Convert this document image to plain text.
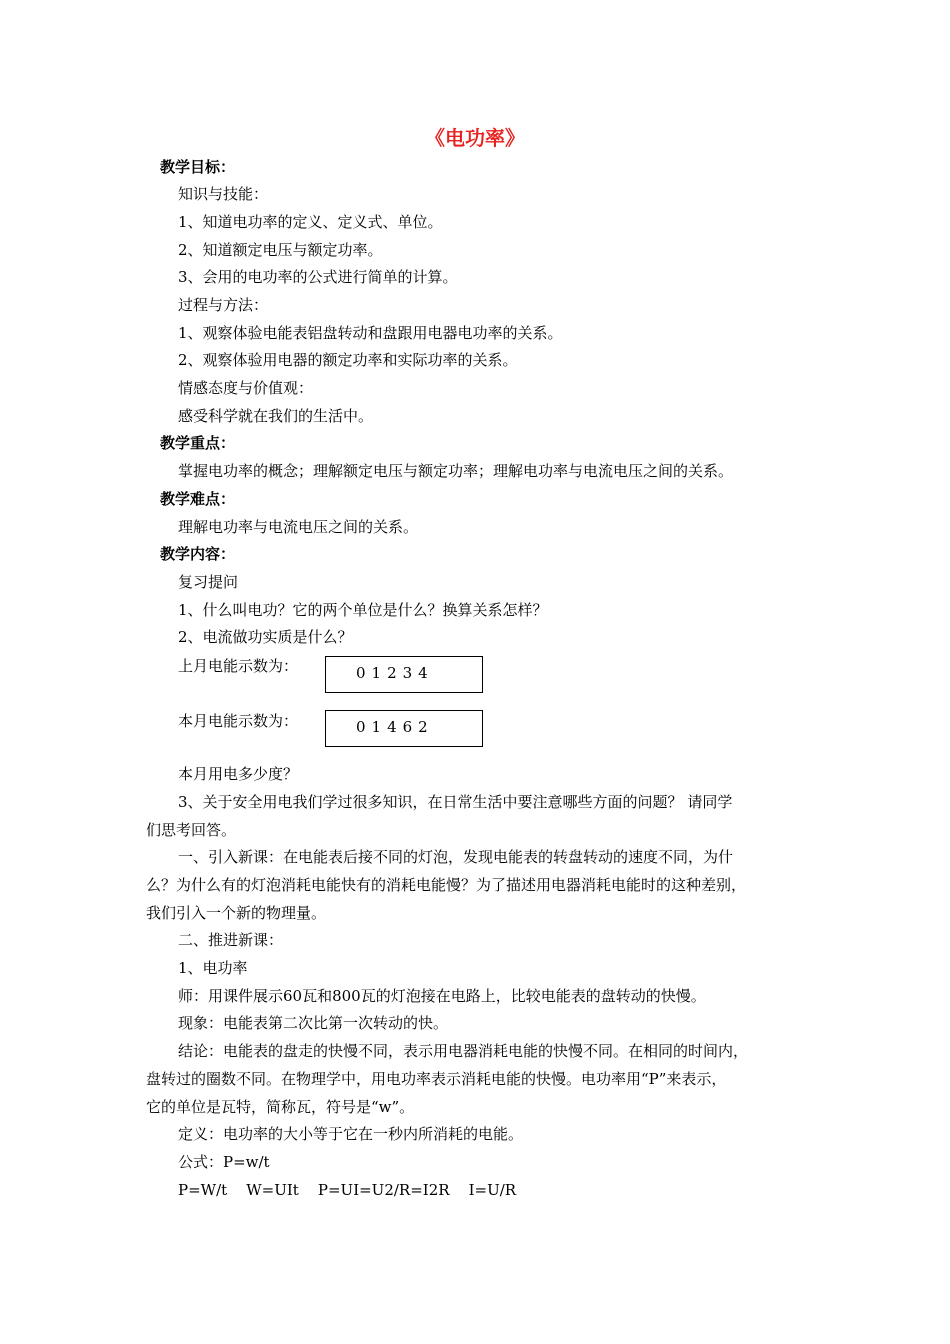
《电功率》
教学目标：
知识与技能：
1、知道电功率的定义、定义式、单位。
2、知道额定电压与额定功率。
3、会用的电功率的公式进行简单的计算。
过程与方法：
1、观察体验电能表铝盘转动和盘跟用电器电功率的关系。
2、观察体验用电器的额定功率和实际功率的关系。
情感态度与价值观：
感受科学就在我们的生活中。
教学重点：
掌握电功率的概念；理解额定电压与额定功率；理解电功率与电流电压之间的关系。
教学难点：
理解电功率与电流电压之间的关系。
教学内容：
复习提问
1、什么叫电功？它的两个单位是什么？换算关系怎样？
2、电流做功实质是什么？
上月电能示数为：	01234
本月电能示数为：	01462
本月用电多少度？
3、关于安全用电我们学过很多知识，在日常生活中要注意哪些方面的问题？ 请同学
们思考回答。
一、引入新课：在电能表后接不同的灯泡，发现电能表的转盘转动的速度不同，为什
么？为什么有的灯泡消耗电能快有的消耗电能慢？为了描述用电器消耗电能时的这种差别，
我们引入一个新的物理量。
二、推进新课：
1、电功率
师：用课件展示60瓦和800瓦的灯泡接在电路上，比较电能表的盘转动的快慢。
现象：电能表第二次比第一次转动的快。
结论：电能表的盘走的快慢不同，表示用电器消耗电能的快慢不同。在相同的时间内，
盘转过的圈数不同。在物理学中，用电功率表示消耗电能的快慢。电功率用“P”来表示，
它的单位是瓦特，简称瓦，符号是“w”。
定义：电功率的大小等于它在一秒内所消耗的电能。
公式：P=w/t
P=W/t    W=UIt    P=UI=U2/R=I2R    I=U/R
